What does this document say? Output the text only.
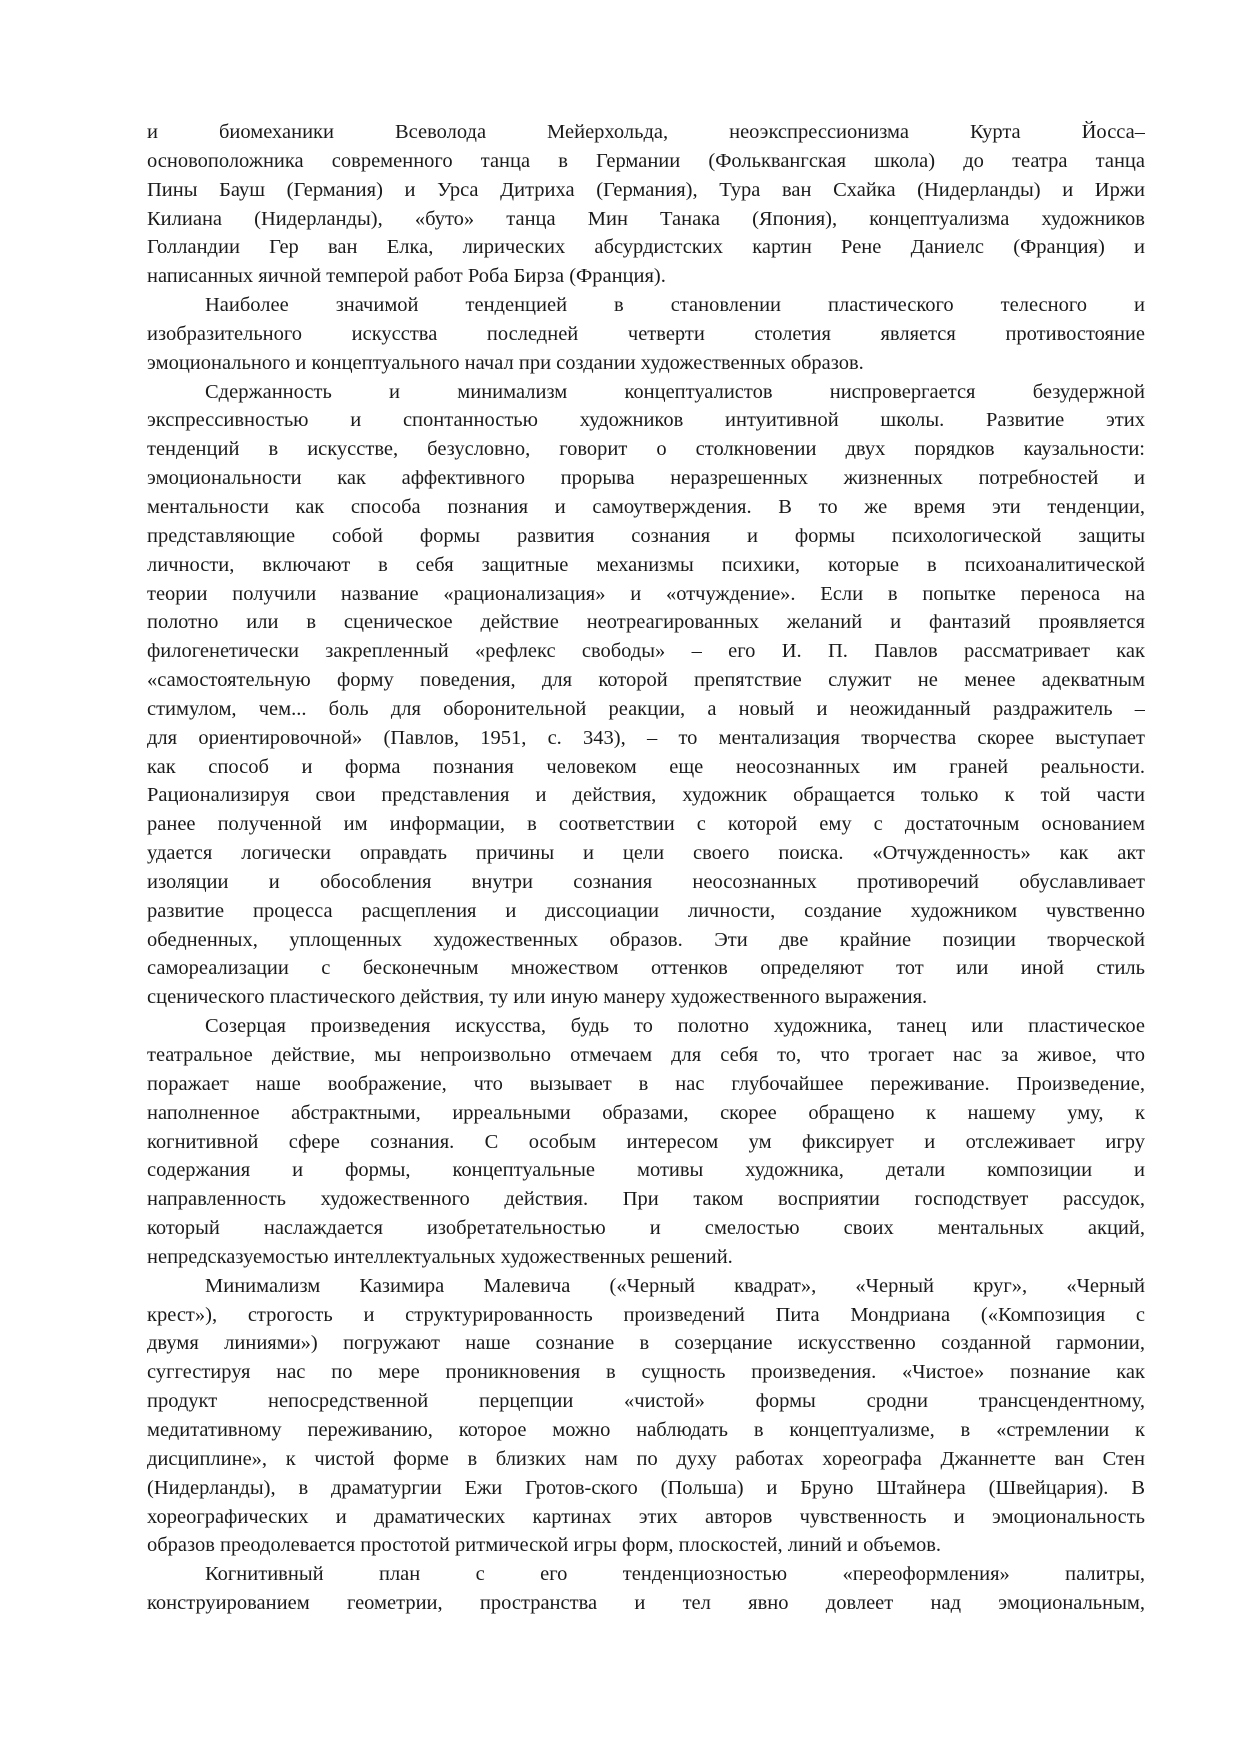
и биомеханики Всеволода Мейерхольда, неоэкспрессионизма Курта Йосса–
основоположника современного танца в Германии (Фольквангская школа) до театра танца
Пины Бауш (Германия) и Урса Дитриха (Германия), Тура ван Схайка (Нидерланды) и Иржи
Килиана (Нидерланды), «буто» танца Мин Танака (Япония), концептуализма художников
Голландии Гер ван Елка, лирических абсурдистских картин Рене Даниелс (Франция) и
написанных яичной темперой работ Роба Бирза (Франция).
Наиболее значимой тенденцией в становлении пластического телесного и
изобразительного искусства последней четверти столетия является противостояние
эмоционального и концептуального начал при создании художественных образов.
Сдержанность и минимализм концептуалистов ниспровергается безудержной
экспрессивностью и спонтанностью художников интуитивной школы. Развитие этих
тенденций в искусстве, безусловно, говорит о столкновении двух порядков каузальности:
эмоциональности как аффективного прорыва неразрешенных жизненных потребностей и
ментальности как способа познания и самоутверждения. В то же время эти тенденции,
представляющие собой формы развития сознания и формы психологической защиты
личности, включают в себя защитные механизмы психики, которые в психоаналитической
теории получили название «рационализация» и «отчуждение». Если в попытке переноса на
полотно или в сценическое действие неотреагированных желаний и фантазий проявляется
филогенетически закрепленный «рефлекс свободы» – его И. П. Павлов рассматривает как
«самостоятельную форму поведения, для которой препятствие служит не менее адекватным
стимулом, чем... боль для оборонительной реакции, а новый и неожиданный раздражитель –
для ориентировочной» (Павлов, 1951, с. 343), – то ментализация творчества скорее выступает
как способ и форма познания человеком еще неосознанных им граней реальности.
Рационализируя свои представления и действия, художник обращается только к той части
ранее полученной им информации, в соответствии с которой ему с достаточным основанием
удается логически оправдать причины и цели своего поиска. «Отчужденность» как акт
изоляции и обособления внутри сознания неосознанных противоречий обуславливает
развитие процесса расщепления и диссоциации личности, создание художником чувственно
обедненных, уплощенных художественных образов. Эти две крайние позиции творческой
самореализации с бесконечным множеством оттенков определяют тот или иной стиль
сценического пластического действия, ту или иную манеру художественного выражения.
Созерцая произведения искусства, будь то полотно художника, танец или пластическое
театральное действие, мы непроизвольно отмечаем для себя то, что трогает нас за живое, что
поражает наше воображение, что вызывает в нас глубочайшее переживание. Произведение,
наполненное абстрактными, ирреальными образами, скорее обращено к нашему уму, к
когнитивной сфере сознания. С особым интересом ум фиксирует и отслеживает игру
содержания и формы, концептуальные мотивы художника, детали композиции и
направленность художественного действия. При таком восприятии господствует рассудок,
который наслаждается изобретательностью и смелостью своих ментальных акций,
непредсказуемостью интеллектуальных художественных решений.
Минимализм Казимира Малевича («Черный квадрат», «Черный круг», «Черный
крест»), строгость и структурированность произведений Пита Мондриана («Композиция с
двумя линиями») погружают наше сознание в созерцание искусственно созданной гармонии,
суггестируя нас по мере проникновения в сущность произведения. «Чистое» познание как
продукт непосредственной перцепции «чистой» формы сродни трансцендентному,
медитативному переживанию, которое можно наблюдать в концептуализме, в «стремлении к
дисциплине», к чистой форме в близких нам по духу работах хореографа Джаннетте ван Стен
(Нидерланды), в драматургии Ежи Гротов-ского (Польша) и Бруно Штайнера (Швейцария). В
хореографических и драматических картинах этих авторов чувственность и эмоциональность
образов преодолевается простотой ритмической игры форм, плоскостей, линий и объемов.
Когнитивный план с его тенденциозностью «переоформления» палитры,
конструированием геометрии, пространства и тел явно довлеет над эмоциональным,
